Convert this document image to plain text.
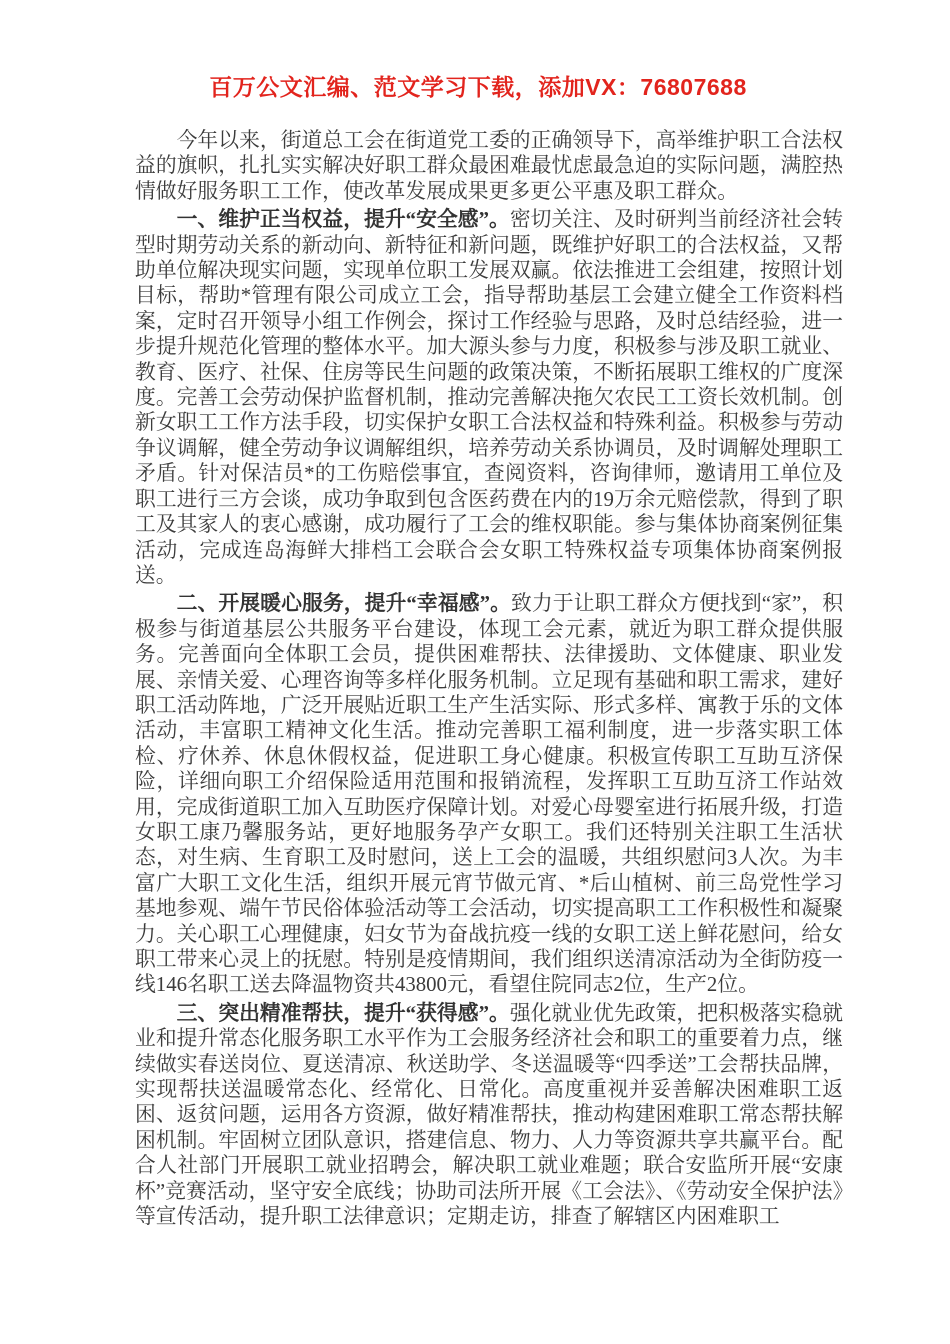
百万公文汇编、范文学习下载，添加VX：76807688

今年以来，街道总工会在街道党工委的正确领导下，高举维护职工合法权益的旗帜，扎扎实实解决好职工群众最困难最忧虑最急迫的实际问题，满腔热情做好服务职工工作，使改革发展成果更多更公平惠及职工群众。

一、维护正当权益，提升“安全感”。密切关注、及时研判当前经济社会转型时期劳动关系的新动向、新特征和新问题，既维护好职工的合法权益，又帮助单位解决现实问题，实现单位职工发展双赢。依法推进工会组建，按照计划目标，帮助*管理有限公司成立工会，指导帮助基层工会建立健全工作资料档案，定时召开领导小组工作例会，探讨工作经验与思路，及时总结经验，进一步提升规范化管理的整体水平。加大源头参与力度，积极参与涉及职工就业、教育、医疗、社保、住房等民生问题的政策决策，不断拓展职工维权的广度深度。完善工会劳动保护监督机制，推动完善解决拖欠农民工工资长效机制。创新女职工工作方法手段，切实保护女职工合法权益和特殊利益。积极参与劳动争议调解，健全劳动争议调解组织，培养劳动关系协调员，及时调解处理职工矛盾。针对保洁员*的工伤赔偿事宜，查阅资料，咨询律师，邀请用工单位及职工进行三方会谈，成功争取到包含医药费在内的19万余元赔偿款，得到了职工及其家人的衷心感谢，成功履行了工会的维权职能。参与集体协商案例征集活动，完成连岛海鲜大排档工会联合会女职工特殊权益专项集体协商案例报送。

二、开展暖心服务，提升“幸福感”。致力于让职工群众方便找到“家”，积极参与街道基层公共服务平台建设，体现工会元素，就近为职工群众提供服务。完善面向全体职工会员，提供困难帮扶、法律援助、文体健康、职业发展、亲情关爱、心理咨询等多样化服务机制。立足现有基础和职工需求，建好职工活动阵地，广泛开展贴近职工生产生活实际、形式多样、寓教于乐的文体活动，丰富职工精神文化生活。推动完善职工福利制度，进一步落实职工体检、疗休养、休息休假权益，促进职工身心健康。积极宣传职工互助互济保险，详细向职工介绍保险适用范围和报销流程，发挥职工互助互济工作站效用，完成街道职工加入互助医疗保障计划。对爱心母婴室进行拓展升级，打造女职工康乃馨服务站，更好地服务孕产女职工。我们还特别关注职工生活状态，对生病、生育职工及时慰问，送上工会的温暖，共组织慰问3人次。为丰富广大职工文化生活，组织开展元宵节做元宵、*后山植树、前三岛党性学习基地参观、端午节民俗体验活动等工会活动，切实提高职工工作积极性和凝聚力。关心职工心理健康，妇女节为奋战抗疫一线的女职工送上鲜花慰问，给女职工带来心灵上的抚慰。特别是疫情期间，我们组织送清凉活动为全街防疫一线146名职工送去降温物资共43800元，看望住院同志2位，生产2位。

三、突出精准帮扶，提升“获得感”。强化就业优先政策，把积极落实稳就业和提升常态化服务职工水平作为工会服务经济社会和职工的重要着力点，继续做实春送岗位、夏送清凉、秋送助学、冬送温暖等“四季送”工会帮扶品牌，实现帮扶送温暖常态化、经常化、日常化。高度重视并妥善解决困难职工返困、返贫问题，运用各方资源，做好精准帮扶，推动构建困难职工常态帮扶解困机制。牢固树立团队意识，搭建信息、物力、人力等资源共享共赢平台。配合人社部门开展职工就业招聘会，解决职工就业难题；联合安监所开展“安康杯”竞赛活动，坚守安全底线；协助司法所开展《工会法》、《劳动安全保护法》等宣传活动，提升职工法律意识；定期走访，排查了解辖区内困难职工
